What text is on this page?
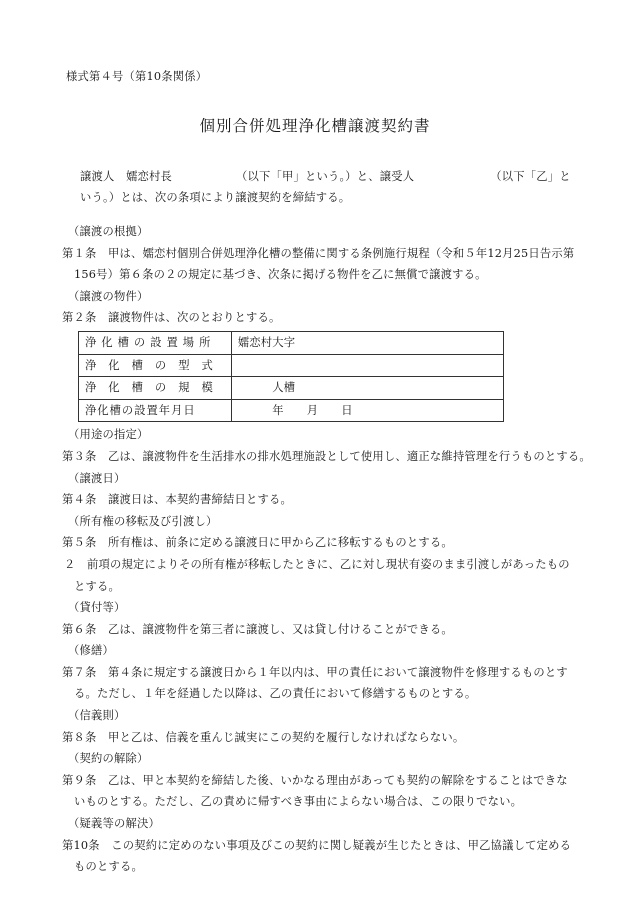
様式第４号（第10条関係）
個別合併処理浄化槽譲渡契約書
譲渡人　嬬恋村長	（以下「甲」という。）と、譲受人	（以下「乙」と
いう。）とは、次の条項により譲渡契約を締結する。
（譲渡の根拠）
第１条　甲は、嬬恋村個別合併処理浄化槽の整備に関する条例施行規程（令和５年12月25日告示第
156号）第６条の２の規定に基づき、次条に掲げる物件を乙に無償で譲渡する。
（譲渡の物件）
第２条　譲渡物件は、次のとおりとする。
浄化槽の設置場所	嬬恋村大字
浄化槽の型式	
浄化槽の規模	　　　人槽
浄化槽の設置年月日	　　　年　　月　　日
（用途の指定）
第３条　乙は、譲渡物件を生活排水の排水処理施設として使用し、適正な維持管理を行うものとする。
（譲渡日）
第４条　譲渡日は、本契約書締結日とする。
（所有権の移転及び引渡し）
第５条　所有権は、前条に定める譲渡日に甲から乙に移転するものとする。
２　前項の規定によりその所有権が移転したときに、乙に対し現状有姿のまま引渡しがあったもの
とする。
（貸付等）
第６条　乙は、譲渡物件を第三者に譲渡し、又は貸し付けることができる。
（修繕）
第７条　第４条に規定する譲渡日から１年以内は、甲の責任において譲渡物件を修理するものとす
る。ただし、１年を経過した以降は、乙の責任において修繕するものとする。
（信義則）
第８条　甲と乙は、信義を重んじ誠実にこの契約を履行しなければならない。
（契約の解除）
第９条　乙は、甲と本契約を締結した後、いかなる理由があっても契約の解除をすることはできな
いものとする。ただし、乙の責めに帰すべき事由によらない場合は、この限りでない。
（疑義等の解決）
第10条　この契約に定めのない事項及びこの契約に関し疑義が生じたときは、甲乙協議して定める
ものとする。
